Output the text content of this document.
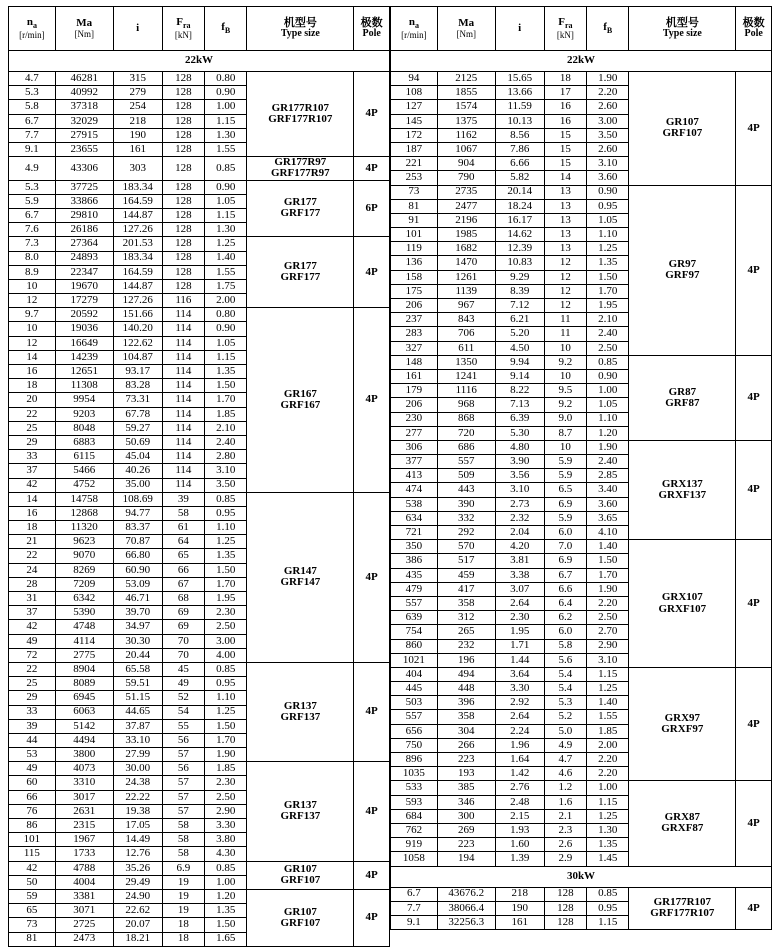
$n_a$
[r/min]	Ma
[Nm]	i	$F_{ra}$
[kN]	$f_B$	机型号
Type size	极数
Pole

22kW						
4.7	46281	315	128	0.80	GR177R107
GRF177R107	4P
5.3	40992	279	128	0.90		
5.8	37318	254	128	1.00		
6.7	32029	218	128	1.15		
7.7	27915	190	128	1.30		
9.1	23655	161	128	1.55		
4.9	43306	303	128	0.85	GR177R97
GRF177R97	4P
5.3	37725	183.34	128	0.90	GR177
GRF177	6P
5.9	33866	164.59	128	1.05		
6.7	29810	144.87	128	1.15		
7.6	26186	127.26	128	1.30		
7.3	27364	201.53	128	1.25	GR177
GRF177	4P
8.0	24893	183.34	128	1.40		
8.9	22347	164.59	128	1.55		
10	19670	144.87	128	1.75		
12	17279	127.26	116	2.00		
9.7	20592	151.66	114	0.80	GR167
GRF167	4P
10	19036	140.20	114	0.90		
12	16649	122.62	114	1.05		
14	14239	104.87	114	1.15		
16	12651	93.17	114	1.35		
18	11308	83.28	114	1.50		
20	9954	73.31	114	1.70		
22	9203	67.78	114	1.85		
25	8048	59.27	114	2.10		
29	6883	50.69	114	2.40		
33	6115	45.04	114	2.80		
37	5466	40.26	114	3.10		
42	4752	35.00	114	3.50		
14	14758	108.69	39	0.85	GR147
GRF147	4P
16	12868	94.77	58	0.95		
18	11320	83.37	61	1.10		
21	9623	70.87	64	1.25		
22	9070	66.80	65	1.35		
24	8269	60.90	66	1.50		
28	7209	53.09	67	1.70		
31	6342	46.71	68	1.95		
37	5390	39.70	69	2.30		
42	4748	34.97	69	2.50		
49	4114	30.30	70	3.00		
72	2775	20.44	70	4.00		
22	8904	65.58	45	0.85	GR137
GRF137	4P
25	8089	59.51	49	0.95		
29	6945	51.15	52	1.10		
33	6063	44.65	54	1.25		
39	5142	37.87	55	1.50		
44	4494	33.10	56	1.70		
53	3800	27.99	57	1.90		
49	4073	30.00	56	1.85	GR137
GRF137	4P
60	3310	24.38	57	2.30		
66	3017	22.22	57	2.50		
76	2631	19.38	57	2.90		
86	2315	17.05	58	3.30		
101	1967	14.49	58	3.80		
115	1733	12.76	58	4.30		
42	4788	35.26	6.9	0.85	GR107
GRF107	4P
50	4004	29.49	19	1.00		
59	3381	24.90	19	1.20	GR107
GRF107	4P
65	3071	22.62	19	1.35		
73	2725	20.07	18	1.50		
81	2473	18.21	18	1.65		
$n_a$
[r/min]	Ma
[Nm]	i	$F_{ra}$
[kN]	$f_B$	机型号
Type size	极数
Pole

22kW						
94	2125	15.65	18	1.90	GR107
GRF107	4P
108	1855	13.66	17	2.20		
127	1574	11.59	16	2.60		
145	1375	10.13	16	3.00		
172	1162	8.56	15	3.50		
187	1067	7.86	15	2.60		
221	904	6.66	15	3.10		
253	790	5.82	14	3.60		
73	2735	20.14	13	0.90	GR97
GRF97	4P
81	2477	18.24	13	0.95		
91	2196	16.17	13	1.05		
101	1985	14.62	13	1.10		
119	1682	12.39	13	1.25		
136	1470	10.83	12	1.35		
158	1261	9.29	12	1.50		
175	1139	8.39	12	1.70		
206	967	7.12	12	1.95		
237	843	6.21	11	2.10		
283	706	5.20	11	2.40		
327	611	4.50	10	2.50		
148	1350	9.94	9.2	0.85	GR87
GRF87	4P
161	1241	9.14	10	0.90		
179	1116	8.22	9.5	1.00		
206	968	7.13	9.2	1.05		
230	868	6.39	9.0	1.10		
277	720	5.30	8.7	1.20		
306	686	4.80	10	1.90	GRX137
GRXF137	4P
377	557	3.90	5.9	2.40		
413	509	3.56	5.9	2.85		
474	443	3.10	6.5	3.40		
538	390	2.73	6.9	3.60		
634	332	2.32	5.9	3.65		
721	292	2.04	6.0	4.10		
350	570	4.20	7.0	1.40	GRX107
GRXF107	4P
386	517	3.81	6.9	1.50		
435	459	3.38	6.7	1.70		
479	417	3.07	6.6	1.90		
557	358	2.64	6.4	2.20		
639	312	2.30	6.2	2.50		
754	265	1.95	6.0	2.70		
860	232	1.71	5.8	2.90		
1021	196	1.44	5.6	3.10		
404	494	3.64	5.4	1.15	GRX97
GRXF97	4P
445	448	3.30	5.4	1.25		
503	396	2.92	5.3	1.40		
557	358	2.64	5.2	1.55		
656	304	2.24	5.0	1.85		
750	266	1.96	4.9	2.00		
896	223	1.64	4.7	2.20		
1035	193	1.42	4.6	2.20		
533	385	2.76	1.2	1.00	GRX87
GRXF87	4P
593	346	2.48	1.6	1.15		
684	300	2.15	2.1	1.25		
762	269	1.93	2.3	1.30		
919	223	1.60	2.6	1.35		
1058	194	1.39	2.9	1.45		
30kW						
6.7	43676.2	218	128	0.85	GR177R107
GRF177R107	4P
7.7	38066.4	190	128	0.95		
9.1	32256.3	161	128	1.15		
